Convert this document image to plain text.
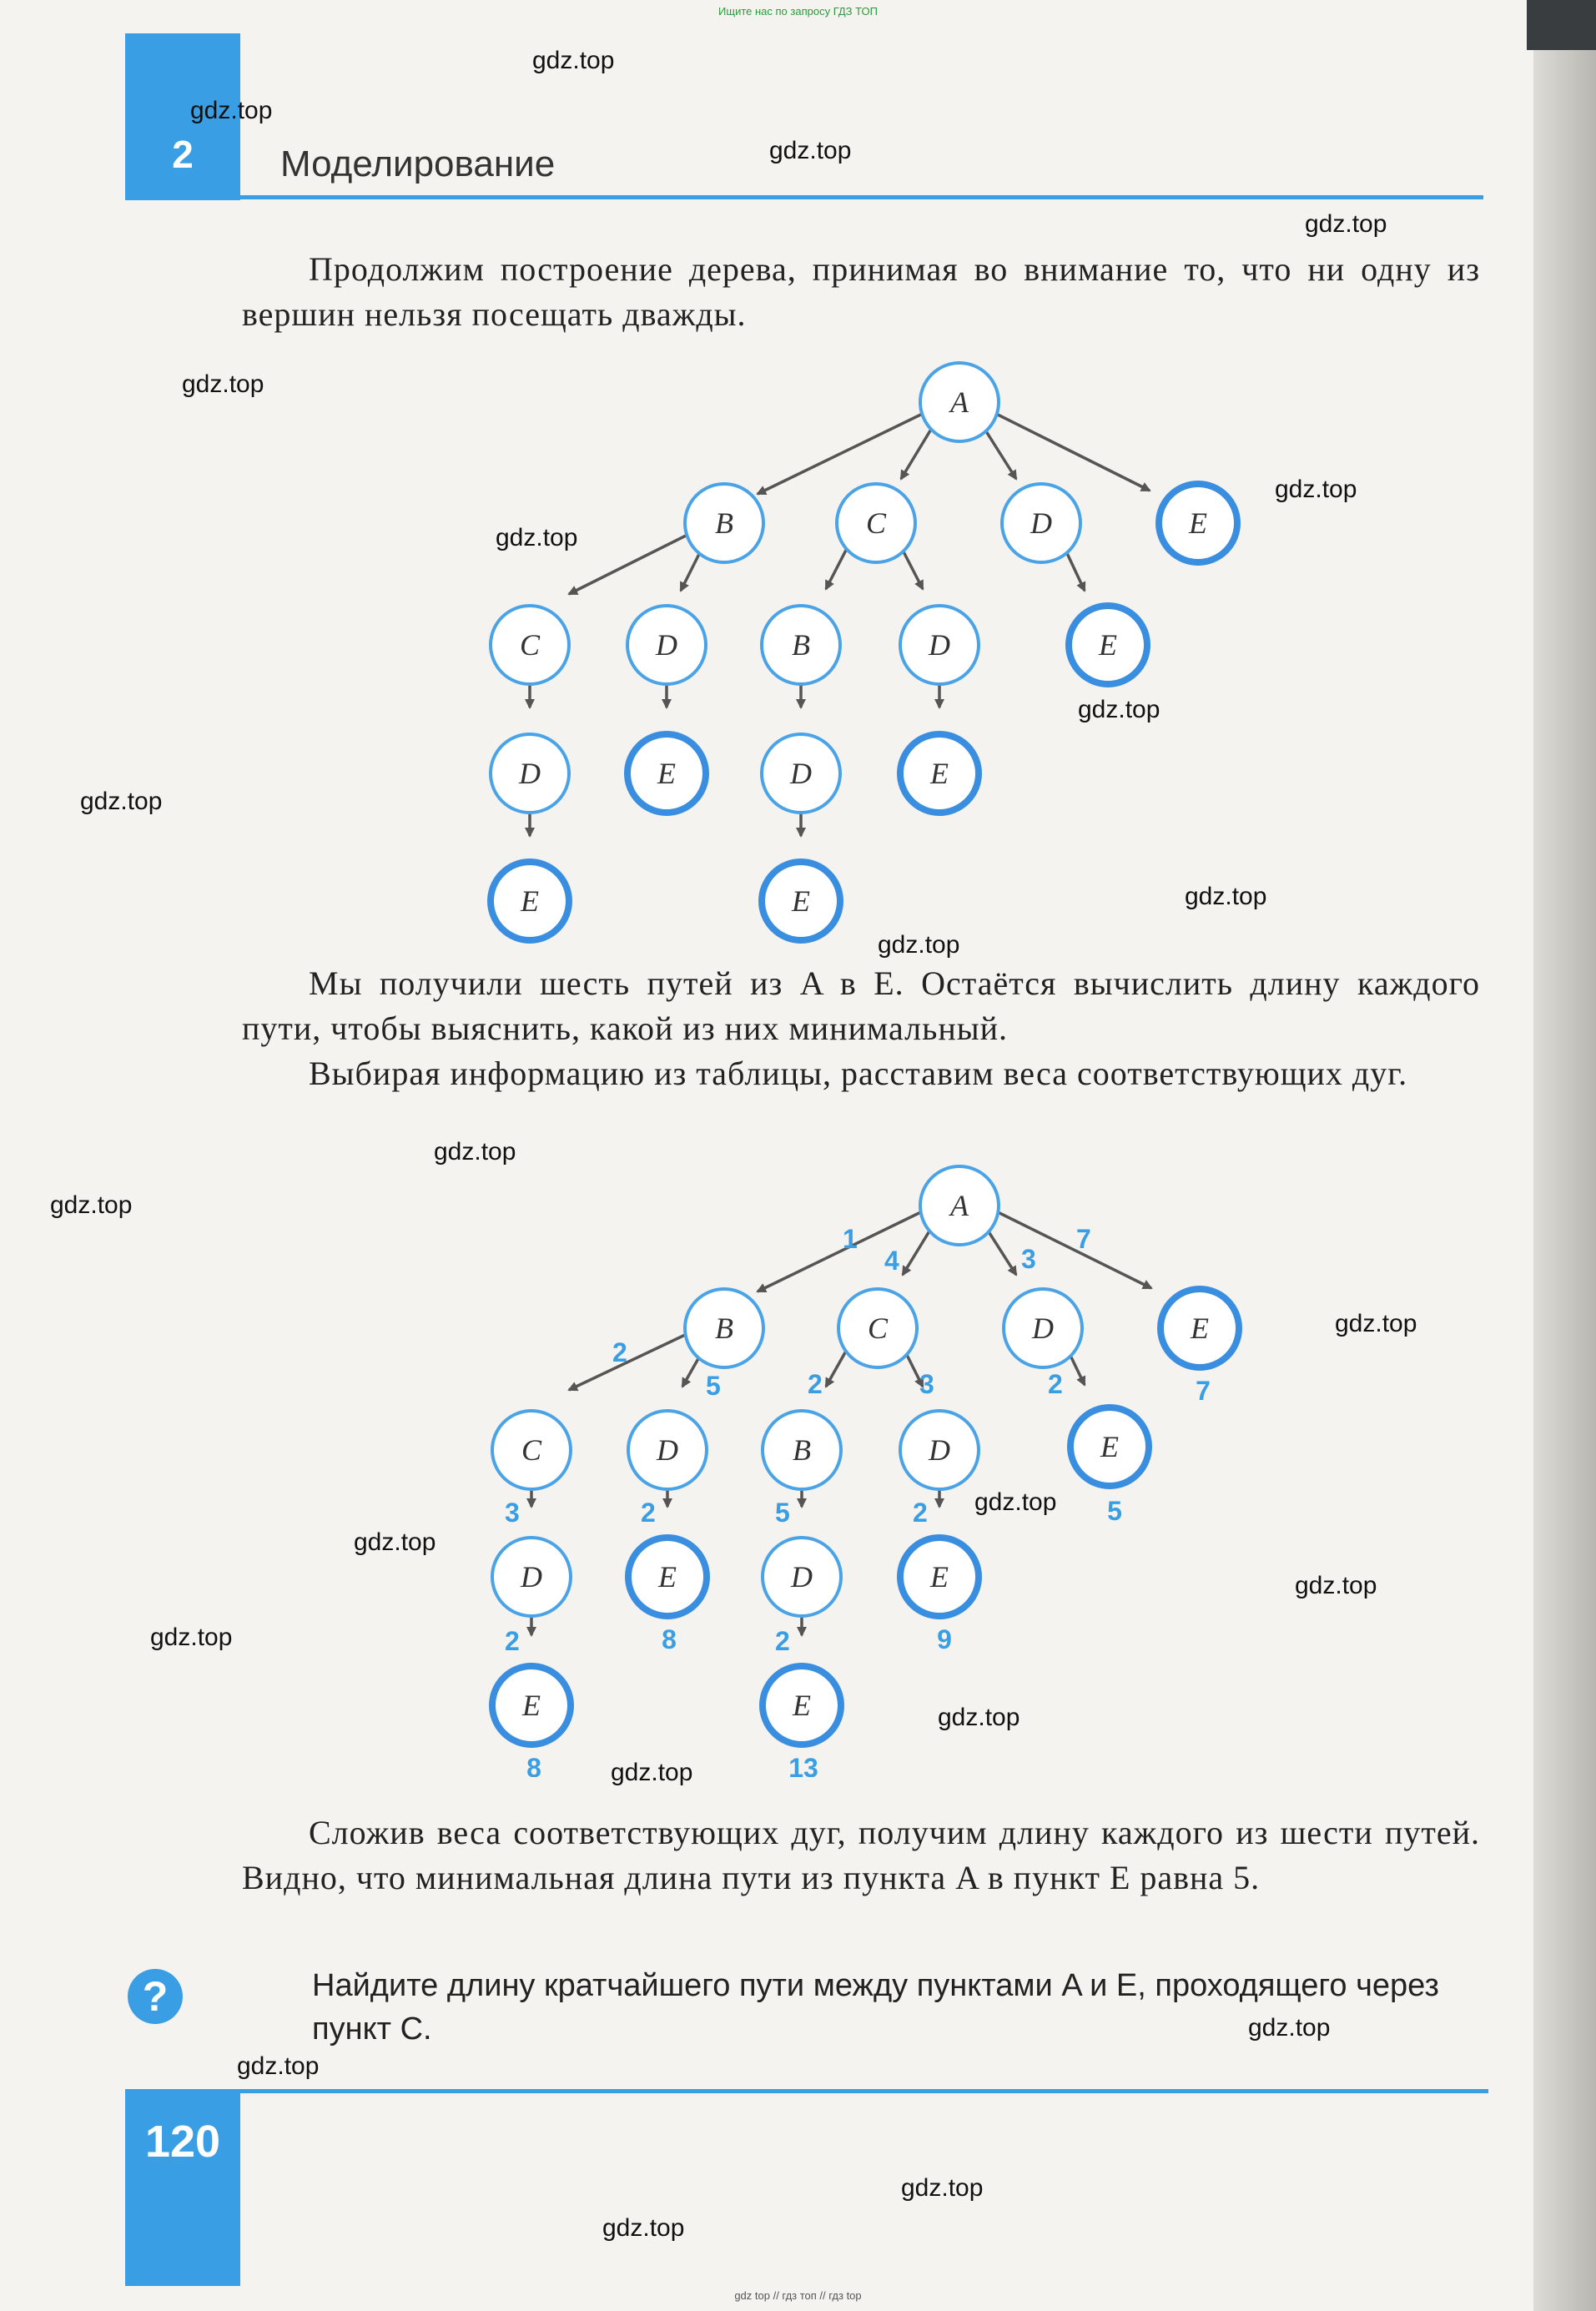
Ищите нас по запросу ГДЗ ТОП
2	Моделирование
Продолжим построение дерева, принимая во внимание то, что ни одну из вершин нельзя посещать дважды.
A
B	C	D	E
C	D	B	D	E
D	E	D	E
E	E
Мы получили шесть путей из A в E. Остаётся вычислить длину каждого пути, чтобы выяснить, какой из них минимальный.
Выбирая информацию из таблицы, расставим веса соответствующих дуг.
1
4	3
7
2
5	2	3	2
3	2	5	2
2	2
7
5
8	9
8	13
A
B	C	D	E
C	D	B	D	E
D	E	D	E
E	E
Сложив веса соответствующих дуг, получим длину каждого из шести путей. Видно, что минимальная длина пути из пункта A в пункт E равна 5.
?	Найдите длину кратчайшего пути между пунктами A и E, проходящего через пункт C.
120
gdz.top
gdz.top
gdz.top
gdz.top
gdz.top
gdz.top
gdz.top
gdz.top
gdz.top
gdz.top
gdz.top
gdz.top
gdz.top
gdz.top
gdz.top
gdz.top
gdz.top
gdz.top
gdz.top
gdz.top
gdz.top
gdz.top
gdz.top
gdz.top
gdz top // гдз топ // гдз top
